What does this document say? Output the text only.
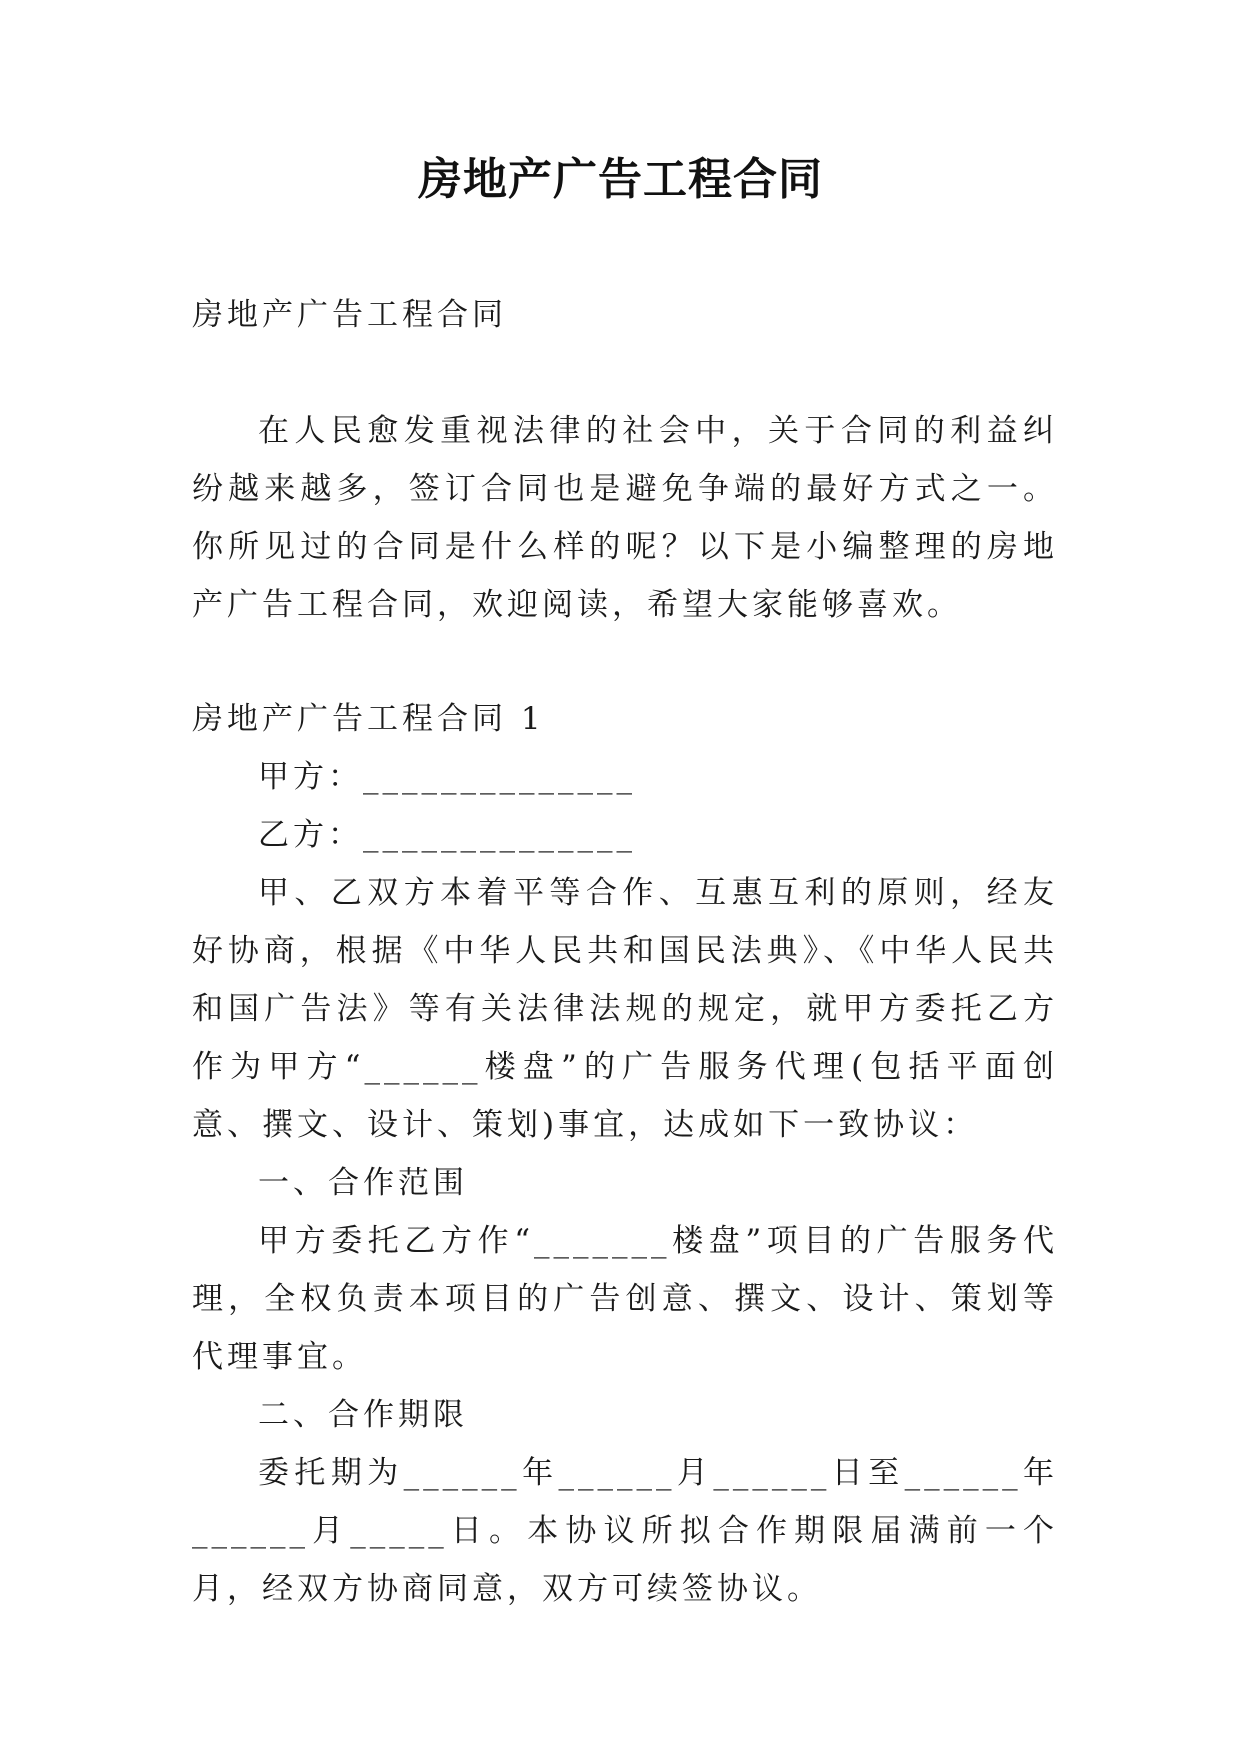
房地产广告工程合同

房地产广告工程合同

在人民愈发重视法律的社会中，关于合同的利益纠纷越来越多，签订合同也是避免争端的最好方式之一。你所见过的合同是什么样的呢？以下是小编整理的房地产广告工程合同，欢迎阅读，希望大家能够喜欢。

房地产广告工程合同 1

甲方：______________

乙方：______________

甲、乙双方本着平等合作、互惠互利的原则，经友好协商，根据《中华人民共和国民法典》、《中华人民共和国广告法》等有关法律法规的规定，就甲方委托乙方作为甲方“______楼盘”的广告服务代理(包括平面创意、撰文、设计、策划)事宜，达成如下一致协议：

一、合作范围

甲方委托乙方作“_______楼盘”项目的广告服务代理，全权负责本项目的广告创意、撰文、设计、策划等代理事宜。

二、合作期限

委托期为______年______月______日至______年______月_____日。本协议所拟合作期限届满前一个月，经双方协商同意，双方可续签协议。
